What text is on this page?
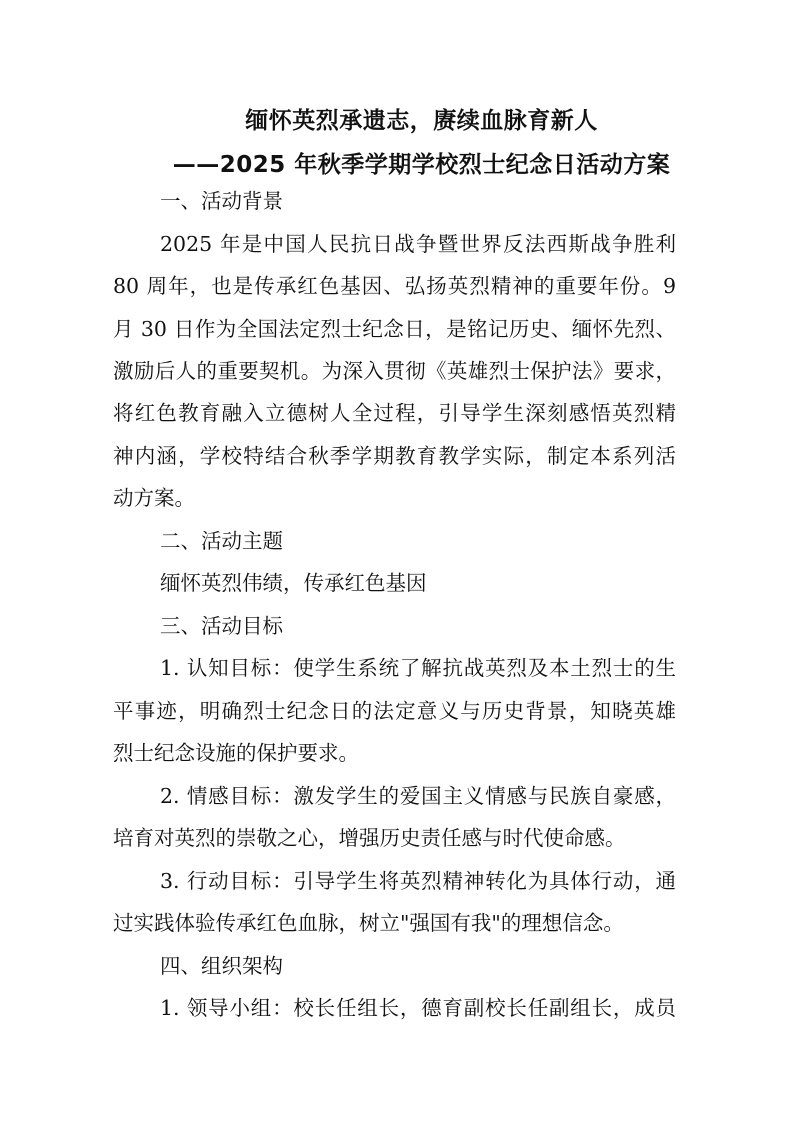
缅怀英烈承遗志，赓续血脉育新人
——2025 年秋季学期学校烈士纪念日活动方案
一、活动背景
2025 年是中国人民抗日战争暨世界反法西斯战争胜利
80 周年，也是传承红色基因、弘扬英烈精神的重要年份。9
月 30 日作为全国法定烈士纪念日，是铭记历史、缅怀先烈、
激励后人的重要契机。为深入贯彻《英雄烈士保护法》要求，
将红色教育融入立德树人全过程，引导学生深刻感悟英烈精
神内涵，学校特结合秋季学期教育教学实际，制定本系列活
动方案。
二、活动主题
缅怀英烈伟绩，传承红色基因
三、活动目标
1. 认知目标：使学生系统了解抗战英烈及本土烈士的生
平事迹，明确烈士纪念日的法定意义与历史背景，知晓英雄
烈士纪念设施的保护要求。
2. 情感目标：激发学生的爱国主义情感与民族自豪感，
培育对英烈的崇敬之心，增强历史责任感与时代使命感。
3. 行动目标：引导学生将英烈精神转化为具体行动，通
过实践体验传承红色血脉，树立"强国有我"的理想信念。
四、组织架构
1. 领导小组：校长任组长，德育副校长任副组长，成员
